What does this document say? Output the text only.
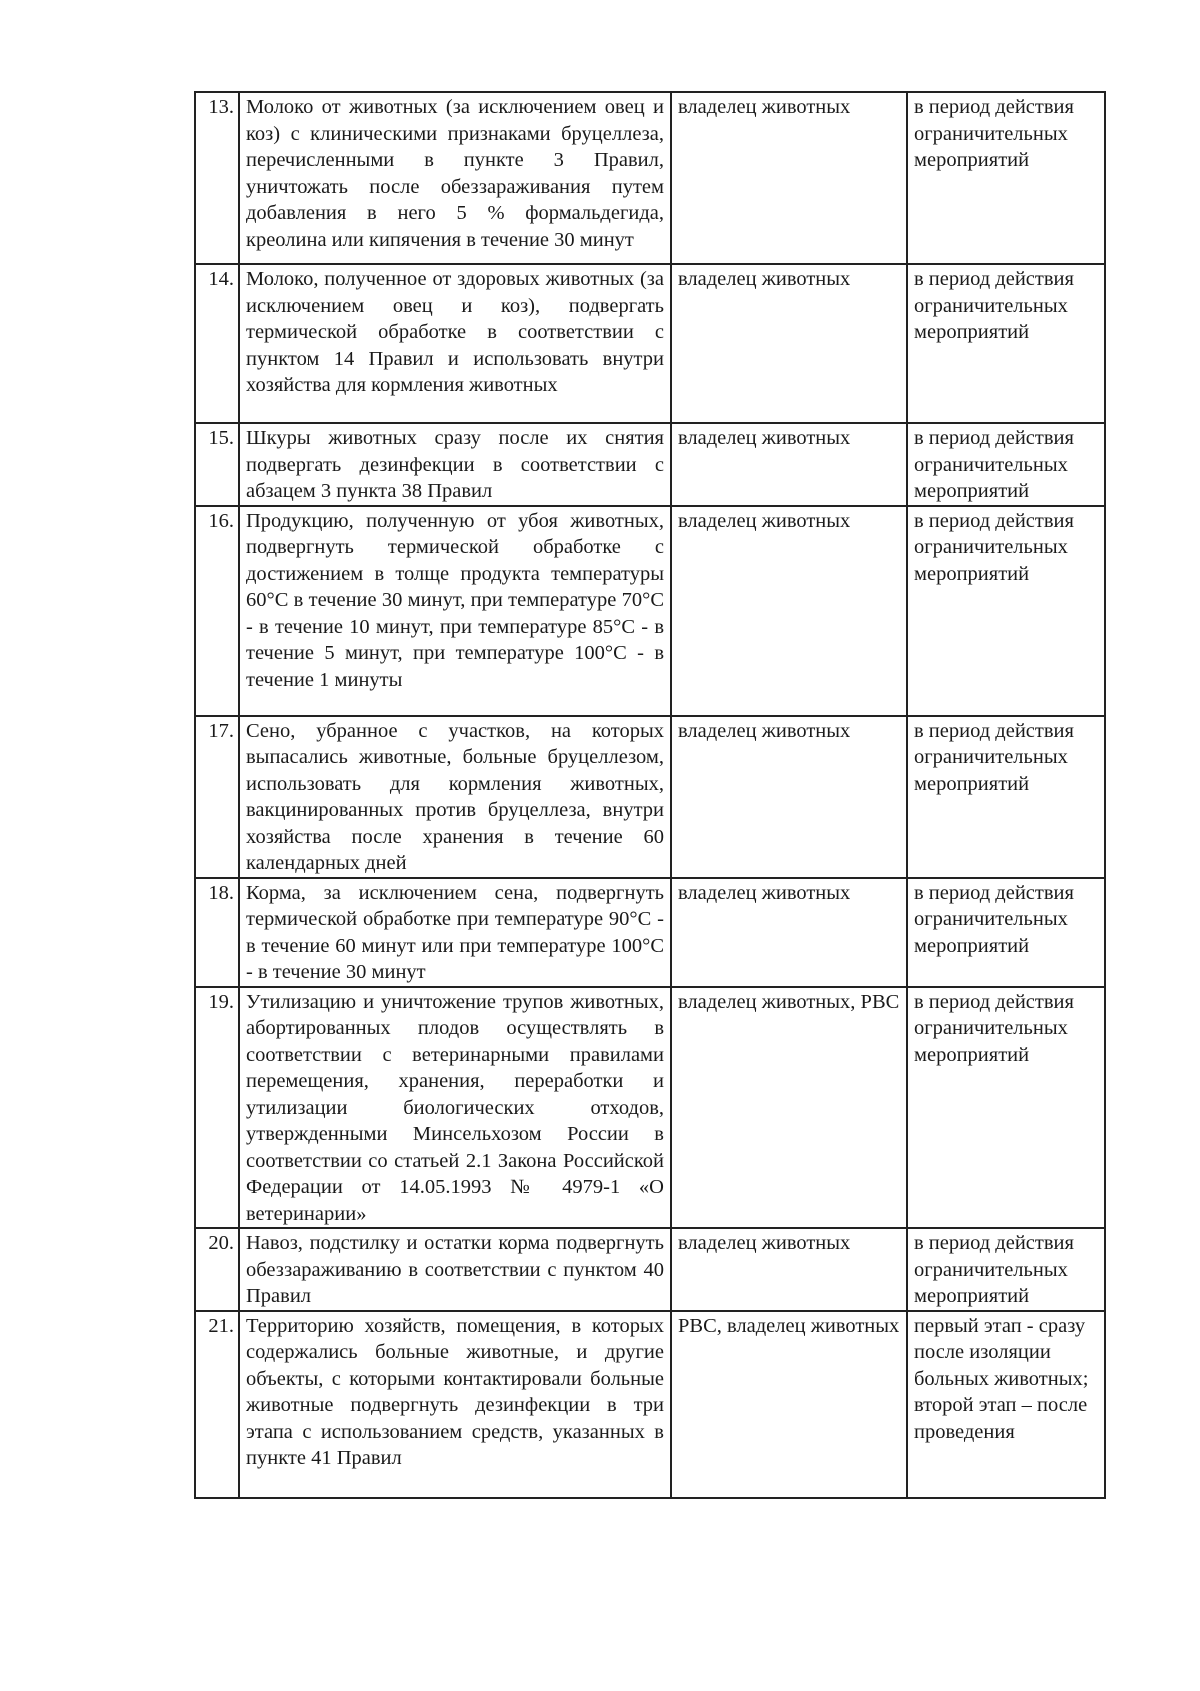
13.	Молоко от животных (за исключением овец и коз) с клиническими признаками бруцеллеза, перечисленными в пункте 3 Правил, уничтожать после обеззараживания путем добавления в него 5 % формальдегида, креолина или кипячения в течение 30 минут	владелец животных	в период действия ограничительных мероприятий
14.	Молоко, полученное от здоровых животных (за исключением овец и коз), подвергать термической обработке в соответствии с пунктом 14 Правил и использовать внутри хозяйства для кормления животных	владелец животных	в период действия ограничительных мероприятий
15.	Шкуры животных сразу после их снятия подвергать дезинфекции в соответствии с абзацем 3 пункта 38 Правил	владелец животных	в период действия ограничительных мероприятий
16.	Продукцию, полученную от убоя животных, подвергнуть термической обработке с достижением в толще продукта температуры 60°С в течение 30 минут, при температуре 70°С - в течение 10 минут, при температуре 85°С - в течение 5 минут, при температуре 100°С - в течение 1 минуты	владелец животных	в период действия ограничительных мероприятий
17.	Сено, убранное с участков, на которых выпасались животные, больные бруцеллезом, использовать для кормления животных, вакцинированных против бруцеллеза, внутри хозяйства после хранения в течение 60 календарных дней	владелец животных	в период действия ограничительных мероприятий
18.	Корма, за исключением сена, подвергнуть термической обработке при температуре 90°С - в течение 60 минут или при температуре 100°С - в течение 30 минут	владелец животных	в период действия ограничительных мероприятий
19.	Утилизацию и уничтожение трупов животных, абортированных плодов осуществлять в соответствии с ветеринарными правилами перемещения, хранения, переработки и утилизации биологических отходов, утвержденными Минсельхозом России в соответствии со статьей 2.1 Закона Российской Федерации от 14.05.1993 № 4979-1 «О ветеринарии»	владелец животных, РВС	в период действия ограничительных мероприятий
20.	Навоз, подстилку и остатки корма подвергнуть обеззараживанию в соответствии с пунктом 40 Правил	владелец животных	в период действия ограничительных мероприятий
21.	Территорию хозяйств, помещения, в которых содержались больные животные, и другие объекты, с которыми контактировали больные животные подвергнуть дезинфекции в три этапа с использованием средств, указанных в пункте 41 Правил	РВС, владелец животных	первый этап - сразу после изоляции больных животных; второй этап – после проведения
